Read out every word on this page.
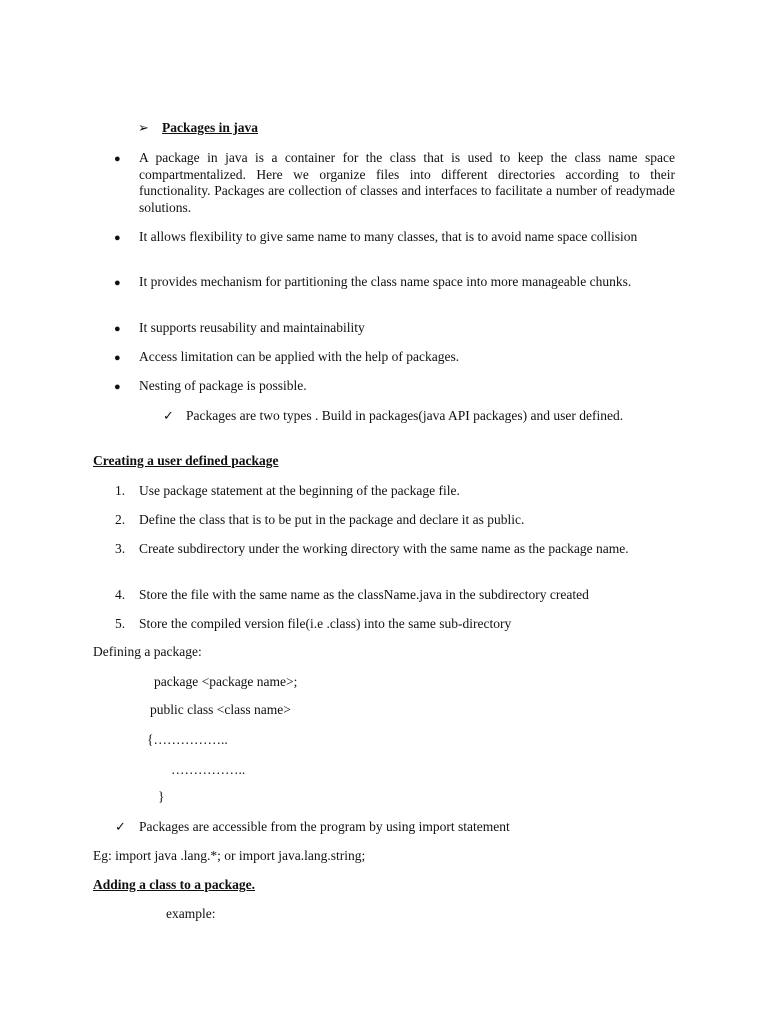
➢ Packages in java
● A package in java is a container for the class that is used to keep the class name space compartmentalized. Here we organize files into different directories according to their functionality. Packages are collection of classes and interfaces to facilitate a number of readymade solutions.
● It allows flexibility to give same name to many classes, that is to avoid name space collision
● It provides mechanism for partitioning the class name space into more manageable chunks.
● It supports reusability and maintainability
● Access limitation can be applied with the help of packages.
● Nesting of package is possible.
✓ Packages are two types . Build in packages(java API packages) and user defined.
Creating a user defined package
1. Use package statement at the beginning of the package file.
2. Define the class that is to be put in the package and declare it as public.
3. Create subdirectory under the working directory with the same name as the package name.
4. Store the file with the same name as the className.java in the subdirectory created
5. Store the compiled version file(i.e .class) into the same sub-directory
Defining a package:
package <package name>;
public class <class name>
{……………..
……………..
}
✓ Packages are accessible from the program by using import statement
Eg: import java .lang.*; or import java.lang.string;
Adding a class to a package.
example:
